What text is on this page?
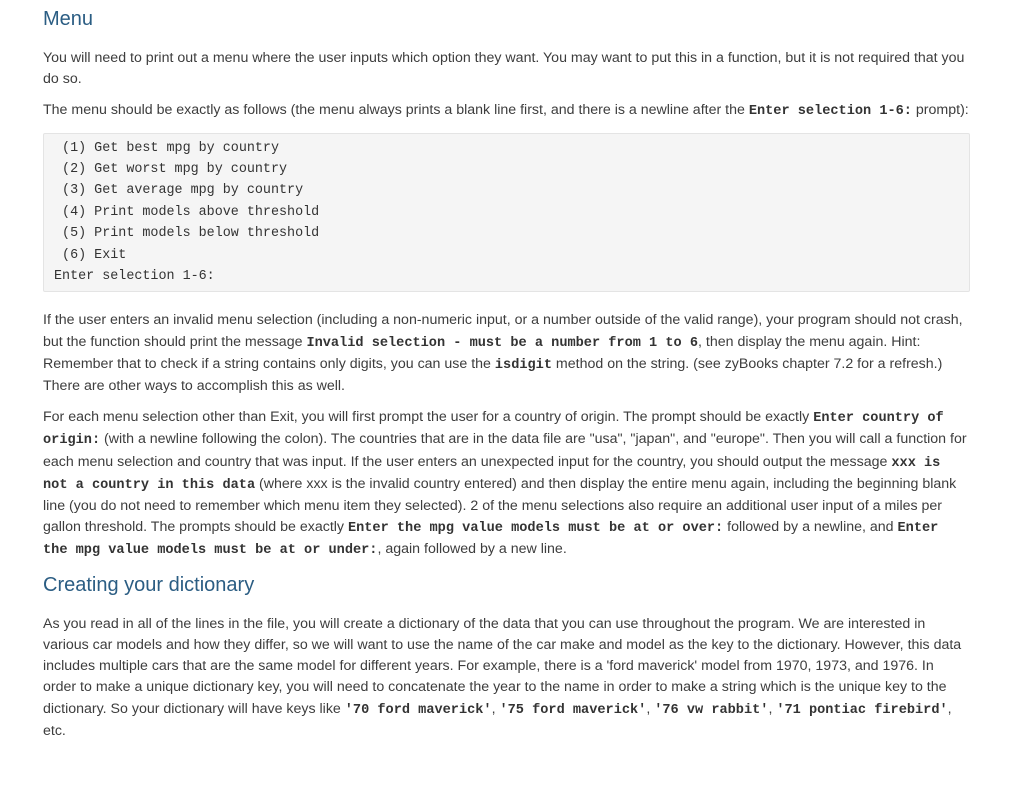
Menu

You will need to print out a menu where the user inputs which option they want. You may want to put this in a function, but it is not required that you do so.

The menu should be exactly as follows (the menu always prints a blank line first, and there is a newline after the Enter selection 1-6: prompt):

(1) Get best mpg by country
(2) Get worst mpg by country
(3) Get average mpg by country
(4) Print models above threshold
(5) Print models below threshold
(6) Exit
Enter selection 1-6:

If the user enters an invalid menu selection (including a non-numeric input, or a number outside of the valid range), your program should not crash, but the function should print the message Invalid selection - must be a number from 1 to 6, then display the menu again. Hint: Remember that to check if a string contains only digits, you can use the isdigit method on the string. (see zyBooks chapter 7.2 for a refresh.) There are other ways to accomplish this as well.

For each menu selection other than Exit, you will first prompt the user for a country of origin. The prompt should be exactly Enter country of origin: (with a newline following the colon). The countries that are in the data file are "usa", "japan", and "europe". Then you will call a function for each menu selection and country that was input. If the user enters an unexpected input for the country, you should output the message xxx is not a country in this data (where xxx is the invalid country entered) and then display the entire menu again, including the beginning blank line (you do not need to remember which menu item they selected). 2 of the menu selections also require an additional user input of a miles per gallon threshold. The prompts should be exactly Enter the mpg value models must be at or over: followed by a newline, and Enter the mpg value models must be at or under:, again followed by a new line.

Creating your dictionary

As you read in all of the lines in the file, you will create a dictionary of the data that you can use throughout the program. We are interested in various car models and how they differ, so we will want to use the name of the car make and model as the key to the dictionary. However, this data includes multiple cars that are the same model for different years. For example, there is a 'ford maverick' model from 1970, 1973, and 1976. In order to make a unique dictionary key, you will need to concatenate the year to the name in order to make a string which is the unique key to the dictionary. So your dictionary will have keys like '70 ford maverick', '75 ford maverick', '76 vw rabbit', '71 pontiac firebird', etc.
